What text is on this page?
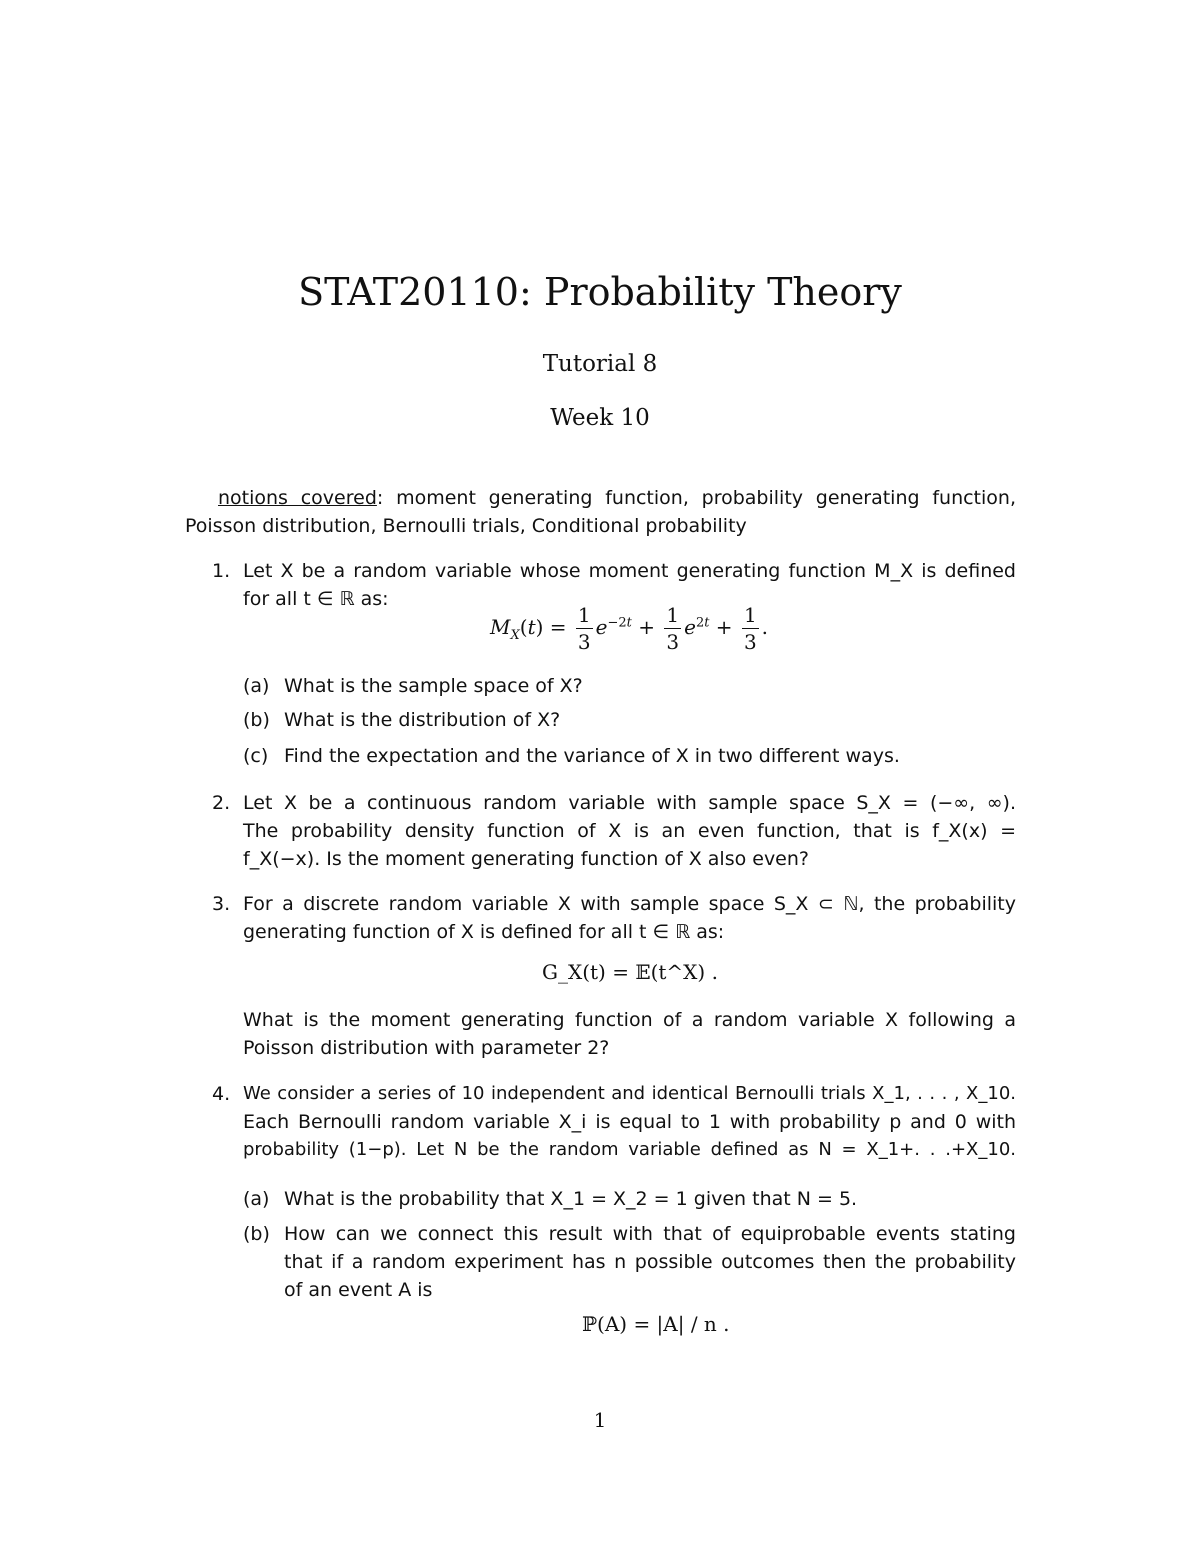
STAT20110: Probability Theory
Tutorial 8
Week 10
notions covered: moment generating function, probability generating function,
Poisson distribution, Bernoulli trials, Conditional probability
1. Let X be a random variable whose moment generating function M_X is defined
for all t ∈ ℝ as:
$M_X(t) = \frac{1}{3} e^{-2t} + \frac{1}{3} e^{2t} + \frac{1}{3}$ .
(a) What is the sample space of X?
(b) What is the distribution of X?
(c) Find the expectation and the variance of X in two different ways.
2. Let X be a continuous random variable with sample space S_X = (−∞, ∞).
The probability density function of X is an even function, that is f_X(x) =
f_X(−x). Is the moment generating function of X also even?
3. For a discrete random variable X with sample space S_X ⊂ ℕ, the probability
generating function of X is defined for all t ∈ ℝ as:
G_X(t) = 𝔼(t^X) .
What is the moment generating function of a random variable X following a
Poisson distribution with parameter 2?
4. We consider a series of 10 independent and identical Bernoulli trials X_1, . . . , X_10.
Each Bernoulli random variable X_i is equal to 1 with probability p and 0 with
probability (1−p). Let N be the random variable defined as N = X_1+. . .+X_10.
(a) What is the probability that X_1 = X_2 = 1 given that N = 5.
(b) How can we connect this result with that of equiprobable events stating
that if a random experiment has n possible outcomes then the probability
of an event A is
ℙ(A) = |A| / n .
1
